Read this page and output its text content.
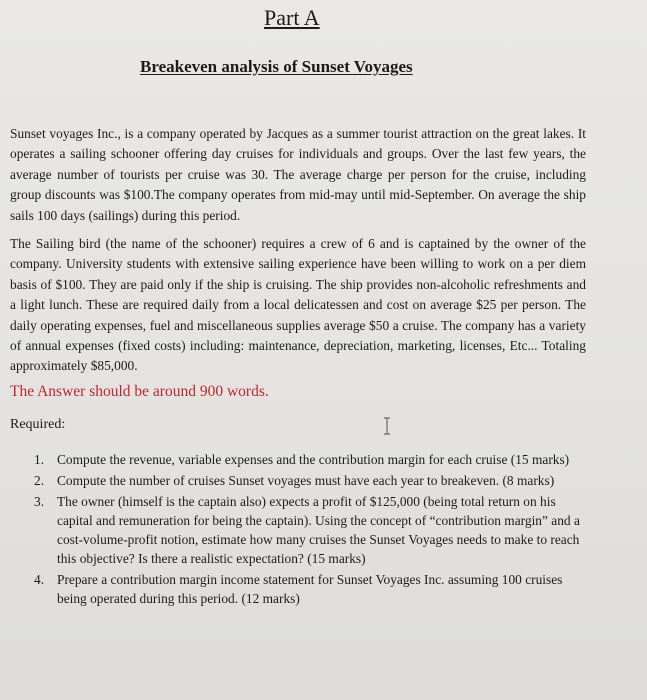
Part A
Breakeven analysis of Sunset Voyages

Sunset voyages Inc., is a company operated by Jacques as a summer tourist attraction on the great lakes. It operates a sailing schooner offering day cruises for individuals and groups. Over the last few years, the average number of tourists per cruise was 30. The average charge per person for the cruise, including group discounts was $100.The company operates from mid-may until mid-September. On average the ship sails 100 days (sailings) during this period.

The Sailing bird (the name of the schooner) requires a crew of 6 and is captained by the owner of the company. University students with extensive sailing experience have been willing to work on a per diem basis of $100. They are paid only if the ship is cruising. The ship provides non-alcoholic refreshments and a light lunch. These are required daily from a local delicatessen and cost on average $25 per person. The daily operating expenses, fuel and miscellaneous supplies average $50 a cruise. The company has a variety of annual expenses (fixed costs) including: maintenance, depreciation, marketing, licenses, Etc... Totaling approximately $85,000.

The Answer should be around 900 words.
Required:
1. Compute the revenue, variable expenses and the contribution margin for each cruise (15 marks)
2. Compute the number of cruises Sunset voyages must have each year to breakeven. (8 marks)
3. The owner (himself is the captain also) expects a profit of $125,000 (being total return on his capital and remuneration for being the captain). Using the concept of “contribution margin” and a cost-volume-profit notion, estimate how many cruises the Sunset Voyages needs to make to reach this objective? Is there a realistic expectation? (15 marks)
4. Prepare a contribution margin income statement for Sunset Voyages Inc. assuming 100 cruises being operated during this period. (12 marks)
